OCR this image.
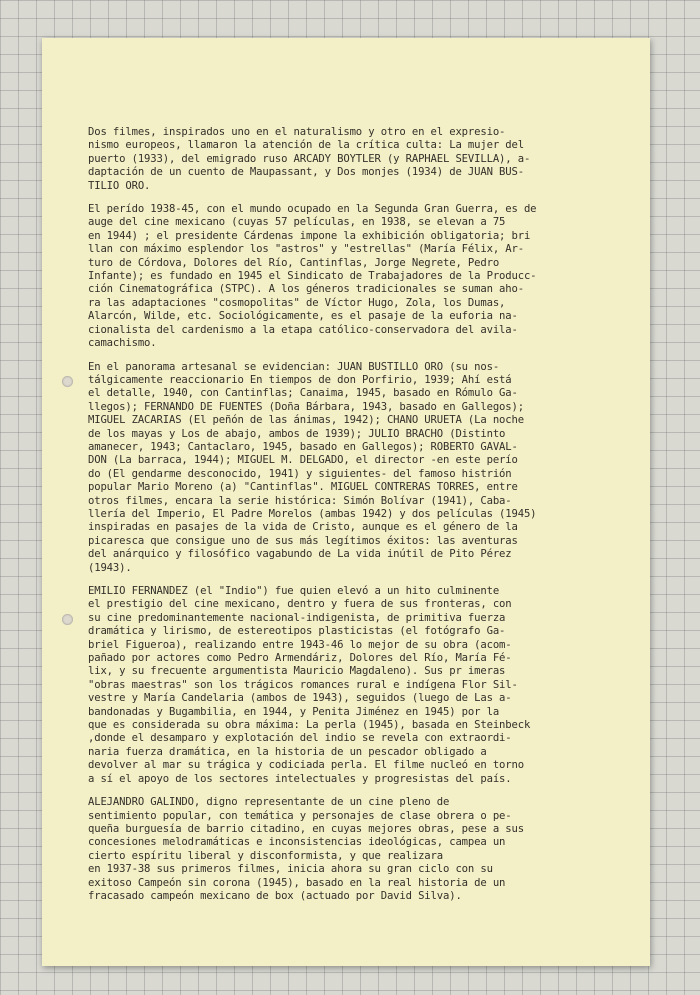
Dos filmes, inspirados uno en el naturalismo y otro en el expresio-
nismo europeos, llamaron la atención de la crítica culta: La mujer del
puerto (1933), del emigrado ruso ARCADY BOYTLER (y RAPHAEL SEVILLA), a-
daptación de un cuento de Maupassant, y Dos monjes (1934) de JUAN BUS-
TILIO ORO.

El perído 1938-45, con el mundo ocupado en la Segunda Gran Guerra, es de
auge del cine mexicano (cuyas 57 películas, en 1938, se elevan a 75
en 1944) ; el presidente Cárdenas impone la exhibición obligatoria; bri
llan con máximo esplendor los "astros" y "estrellas" (María Félix, Ar-
turo de Córdova, Dolores del Río, Cantinflas, Jorge Negrete, Pedro
Infante); es fundado en 1945 el Sindicato de Trabajadores de la Producc-
ción Cinematográfica (STPC). A los géneros tradicionales se suman aho-
ra las adaptaciones "cosmopolitas" de Víctor Hugo, Zola, los Dumas,
Alarcón, Wilde, etc. Sociológicamente, es el pasaje de la euforia na-
cionalista del cardenismo a la etapa católico-conservadora del avila-
camachismo.

En el panorama artesanal se evidencian: JUAN BUSTILLO ORO (su nos-
tálgicamente reaccionario En tiempos de don Porfirio, 1939; Ahí está
el detalle, 1940, con Cantinflas; Canaima, 1945, basado en Rómulo Ga-
llegos); FERNANDO DE FUENTES (Doña Bárbara, 1943, basado en Gallegos);
MIGUEL ZACARIAS (El peñón de las ánimas, 1942); CHANO URUETA (La noche
de los mayas y Los de abajo, ambos de 1939); JULIO BRACHO (Distinto
amanecer, 1943; Cantaclaro, 1945, basado en Gallegos); ROBERTO GAVAL-
DON (La barraca, 1944); MIGUEL M. DELGADO, el director -en este perío
do (El gendarme desconocido, 1941) y siguientes- del famoso histrión
popular Mario Moreno (a) "Cantinflas". MIGUEL CONTRERAS TORRES, entre
otros filmes, encara la serie histórica: Simón Bolívar (1941), Caba-
llería del Imperio, El Padre Morelos (ambas 1942) y dos películas (1945)
inspiradas en pasajes de la vida de Cristo, aunque es el género de la
picaresca que consigue uno de sus más legítimos éxitos: las aventuras
del anárquico y filosófico vagabundo de La vida inútil de Pito Pérez
(1943).

EMILIO FERNANDEZ (el "Indio") fue quien elevó a un hito culminente
el prestigio del cine mexicano, dentro y fuera de sus fronteras, con
su cine predominantemente nacional-indigenista, de primitiva fuerza
dramática y lirismo, de estereotipos plasticistas (el fotógrafo Ga-
briel Figueroa), realizando entre 1943-46 lo mejor de su obra (acom-
pañado por actores como Pedro Armendáriz, Dolores del Río, María Fé-
lix, y su frecuente argumentista Mauricio Magdaleno). Sus pr imeras
"obras maestras" son los trágicos romances rural e indígena Flor Sil-
vestre y María Candelaria (ambos de 1943), seguidos (luego de Las a-
bandonadas y Bugambilia, en 1944, y Penita Jiménez en 1945) por la
que es considerada su obra máxima: La perla (1945), basada en Steinbeck
,donde el desamparo y explotación del indio se revela con extraordi-
naria fuerza dramática, en la historia de un pescador obligado a
devolver al mar su trágica y codiciada perla. El filme nucleó en torno
a sí el apoyo de los sectores intelectuales y progresistas del país.

ALEJANDRO GALINDO, digno representante de un cine pleno de
sentimiento popular, con temática y personajes de clase obrera o pe-
queña burguesía de barrio citadino, en cuyas mejores obras, pese a sus
concesiones melodramáticas e inconsistencias ideológicas, campea un
cierto espíritu liberal y disconformista, y que realizara
en 1937-38 sus primeros filmes, inicia ahora su gran ciclo con su
exitoso Campeón sin corona (1945), basado en la real historia de un
fracasado campeón mexicano de box (actuado por David Silva).
